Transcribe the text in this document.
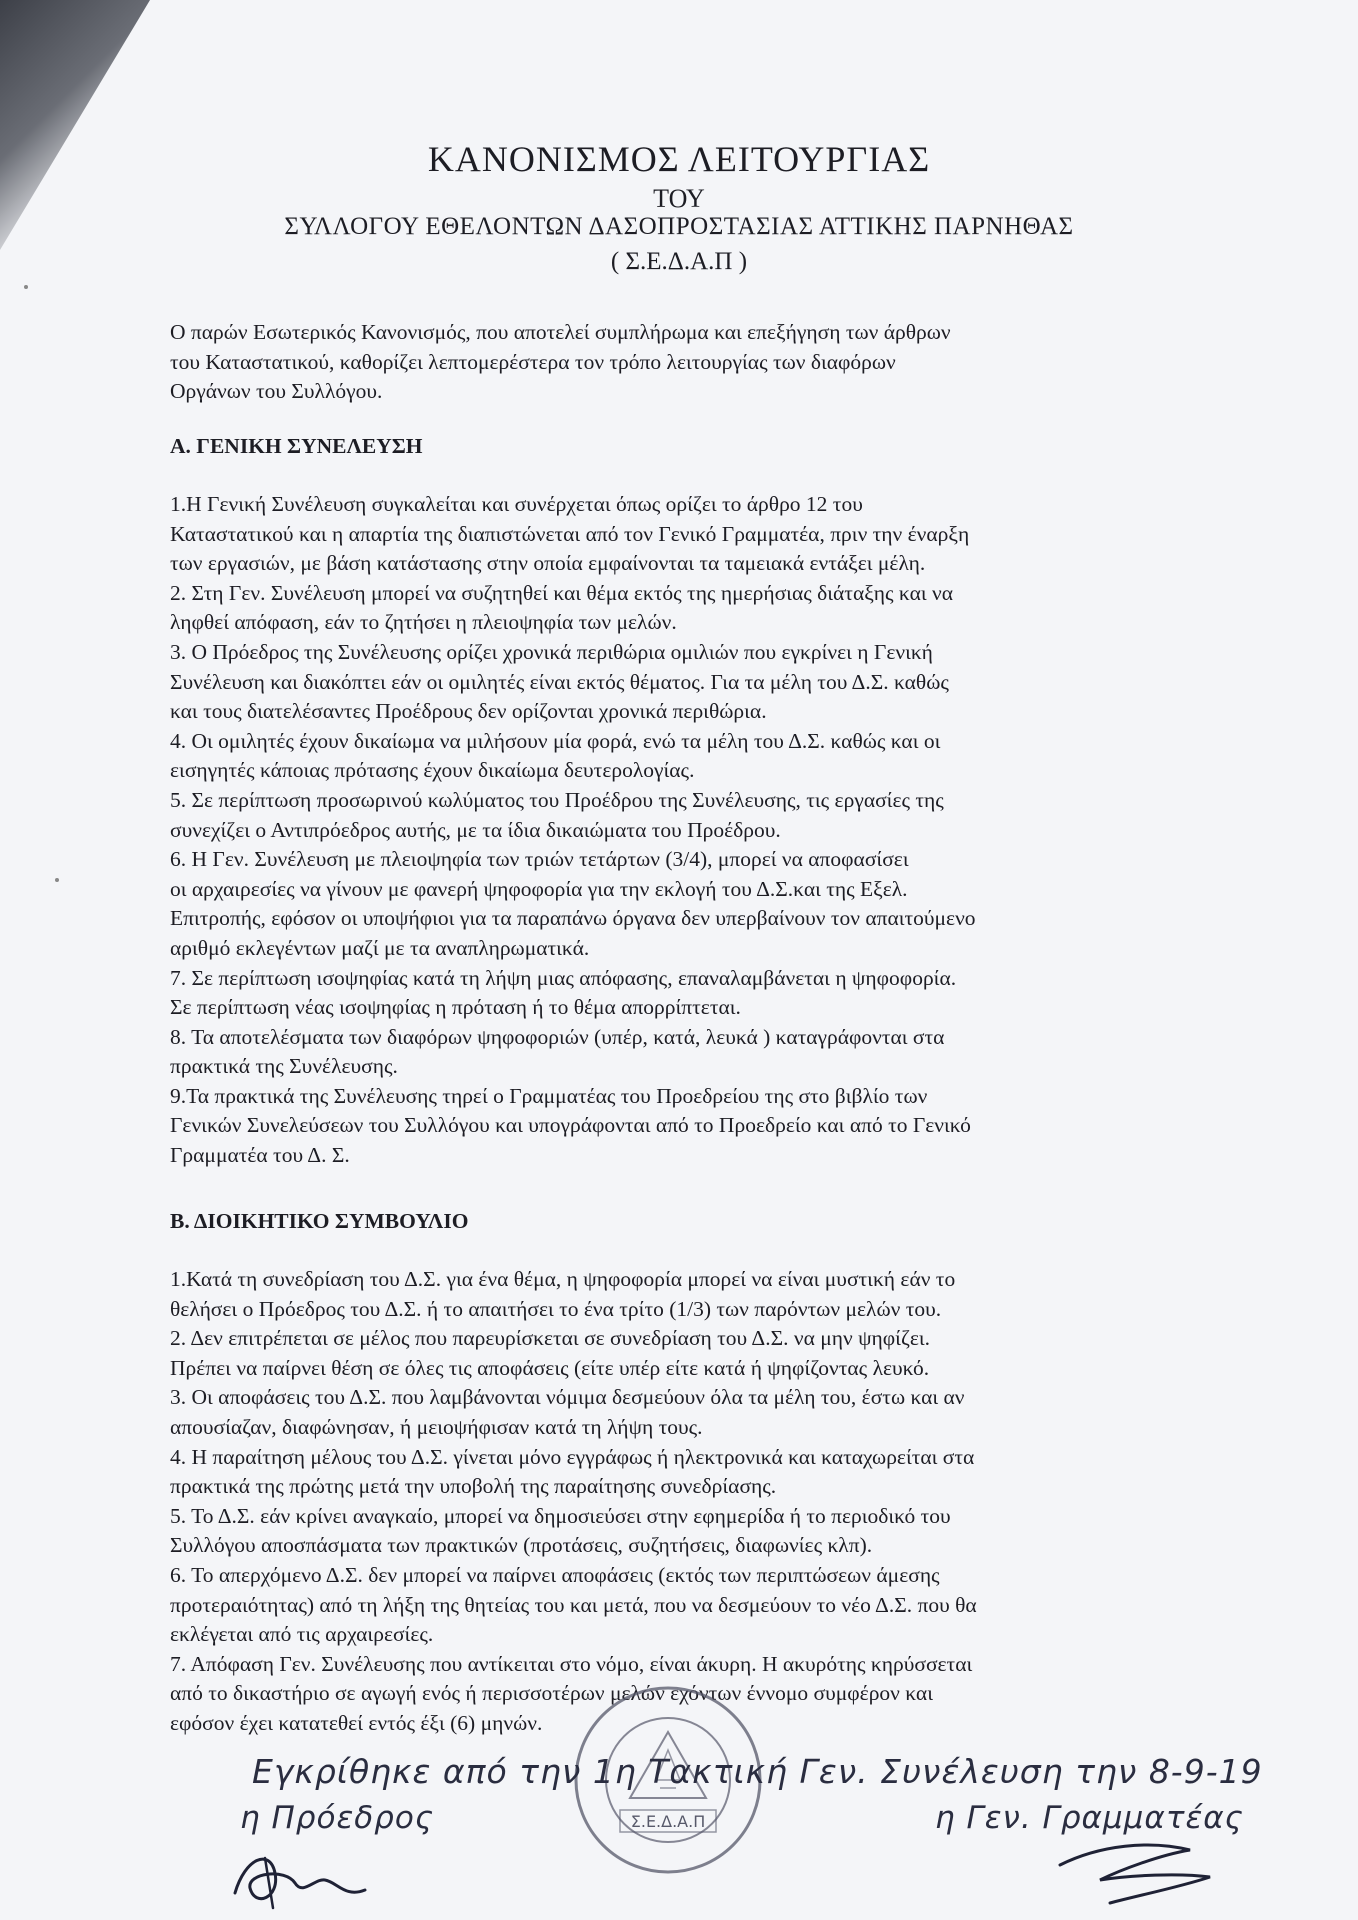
ΚΑΝΟΝΙΣΜΟΣ ΛΕΙΤΟΥΡΓΙΑΣ
ΤΟΥ
ΣΥΛΛΟΓΟΥ ΕΘΕΛΟΝΤΩΝ ΔΑΣΟΠΡΟΣΤΑΣΙΑΣ ΑΤΤΙΚΗΣ ΠΑΡΝΗΘΑΣ
( Σ.Ε.Δ.Α.Π )

Ο παρών Εσωτερικός Κανονισμός, που αποτελεί συμπλήρωμα και επεξήγηση των άρθρων

του Καταστατικού, καθορίζει λεπτομερέστερα τον τρόπο λειτουργίας των διαφόρων

Οργάνων του Συλλόγου.

Α. ΓΕΝΙΚΗ ΣΥΝΕΛΕΥΣΗ

1.Η Γενική Συνέλευση συγκαλείται και συνέρχεται όπως ορίζει το άρθρο 12 του

Καταστατικού και η απαρτία της διαπιστώνεται από τον Γενικό Γραμματέα, πριν την έναρξη

των εργασιών, με βάση κατάστασης στην οποία εμφαίνονται τα ταμειακά εντάξει μέλη.

2. Στη Γεν. Συνέλευση μπορεί να συζητηθεί και θέμα εκτός της ημερήσιας διάταξης και να

ληφθεί απόφαση, εάν το ζητήσει η πλειοψηφία των μελών.

3. Ο Πρόεδρος της Συνέλευσης ορίζει χρονικά περιθώρια ομιλιών που εγκρίνει η Γενική

Συνέλευση και διακόπτει εάν οι ομιλητές είναι εκτός θέματος. Για τα μέλη του Δ.Σ. καθώς

και τους διατελέσαντες Προέδρους δεν ορίζονται χρονικά περιθώρια.

4. Οι ομιλητές έχουν δικαίωμα να μιλήσουν μία φορά, ενώ τα μέλη του Δ.Σ. καθώς και οι

εισηγητές κάποιας πρότασης έχουν δικαίωμα δευτερολογίας.

5. Σε περίπτωση προσωρινού κωλύματος του Προέδρου της Συνέλευσης, τις εργασίες της

συνεχίζει ο Αντιπρόεδρος αυτής, με τα ίδια δικαιώματα του Προέδρου.

6. Η Γεν. Συνέλευση με πλειοψηφία των τριών τετάρτων (3/4), μπορεί να αποφασίσει

οι αρχαιρεσίες να γίνουν με φανερή ψηφοφορία για την εκλογή του Δ.Σ.και της Εξελ.

Επιτροπής, εφόσον οι υποψήφιοι για τα παραπάνω όργανα δεν υπερβαίνουν τον απαιτούμενο

αριθμό εκλεγέντων μαζί με τα αναπληρωματικά.

7. Σε περίπτωση ισοψηφίας κατά τη λήψη μιας απόφασης, επαναλαμβάνεται η ψηφοφορία.

Σε περίπτωση νέας ισοψηφίας η πρόταση ή το θέμα απορρίπτεται.

8. Τα αποτελέσματα των διαφόρων ψηφοφοριών (υπέρ, κατά, λευκά ) καταγράφονται στα

πρακτικά της Συνέλευσης.

9.Τα πρακτικά της Συνέλευσης τηρεί ο Γραμματέας του Προεδρείου της στο βιβλίο των

Γενικών Συνελεύσεων του Συλλόγου και υπογράφονται από το Προεδρείο και από το Γενικό

Γραμματέα του Δ. Σ.

Β. ΔΙΟΙΚΗΤΙΚΟ ΣΥΜΒΟΥΛΙΟ

1.Κατά τη συνεδρίαση του Δ.Σ. για ένα θέμα, η ψηφοφορία μπορεί να είναι μυστική εάν το

θελήσει ο Πρόεδρος του Δ.Σ. ή το απαιτήσει το ένα τρίτο (1/3) των παρόντων μελών του.

2. Δεν επιτρέπεται σε μέλος που παρευρίσκεται σε συνεδρίαση του Δ.Σ. να μην ψηφίζει.

Πρέπει να παίρνει θέση σε όλες τις αποφάσεις (είτε υπέρ είτε κατά ή ψηφίζοντας λευκό.

3. Οι αποφάσεις του Δ.Σ. που λαμβάνονται νόμιμα δεσμεύουν όλα τα μέλη του, έστω και αν

απουσίαζαν, διαφώνησαν, ή μειοψήφισαν κατά τη λήψη τους.

4. Η παραίτηση μέλους του Δ.Σ. γίνεται μόνο εγγράφως ή ηλεκτρονικά και καταχωρείται στα

πρακτικά της πρώτης μετά την υποβολή της παραίτησης συνεδρίασης.

5. Το Δ.Σ. εάν κρίνει αναγκαίο, μπορεί να δημοσιεύσει στην εφημερίδα ή το περιοδικό του

Συλλόγου αποσπάσματα των πρακτικών (προτάσεις, συζητήσεις, διαφωνίες κλπ).

6. Το απερχόμενο Δ.Σ. δεν μπορεί να παίρνει αποφάσεις (εκτός των περιπτώσεων άμεσης

προτεραιότητας) από τη λήξη της θητείας του και μετά, που να δεσμεύουν το νέο Δ.Σ. που θα

εκλέγεται από τις αρχαιρεσίες.

7. Απόφαση Γεν. Συνέλευσης που αντίκειται στο νόμο, είναι άκυρη. Η ακυρότης κηρύσσεται

από το δικαστήριο σε αγωγή ενός ή περισσοτέρων μελών εχόντων έννομο συμφέρον και

εφόσον έχει κατατεθεί εντός έξι (6) μηνών.

Σ.Ε.Δ.Α.Π
Εγκρίθηκε από την 1η Τακτική Γεν. Συνέλευση την 8-9-19
η Πρόεδρος	η Γεν. Γραμματέας
